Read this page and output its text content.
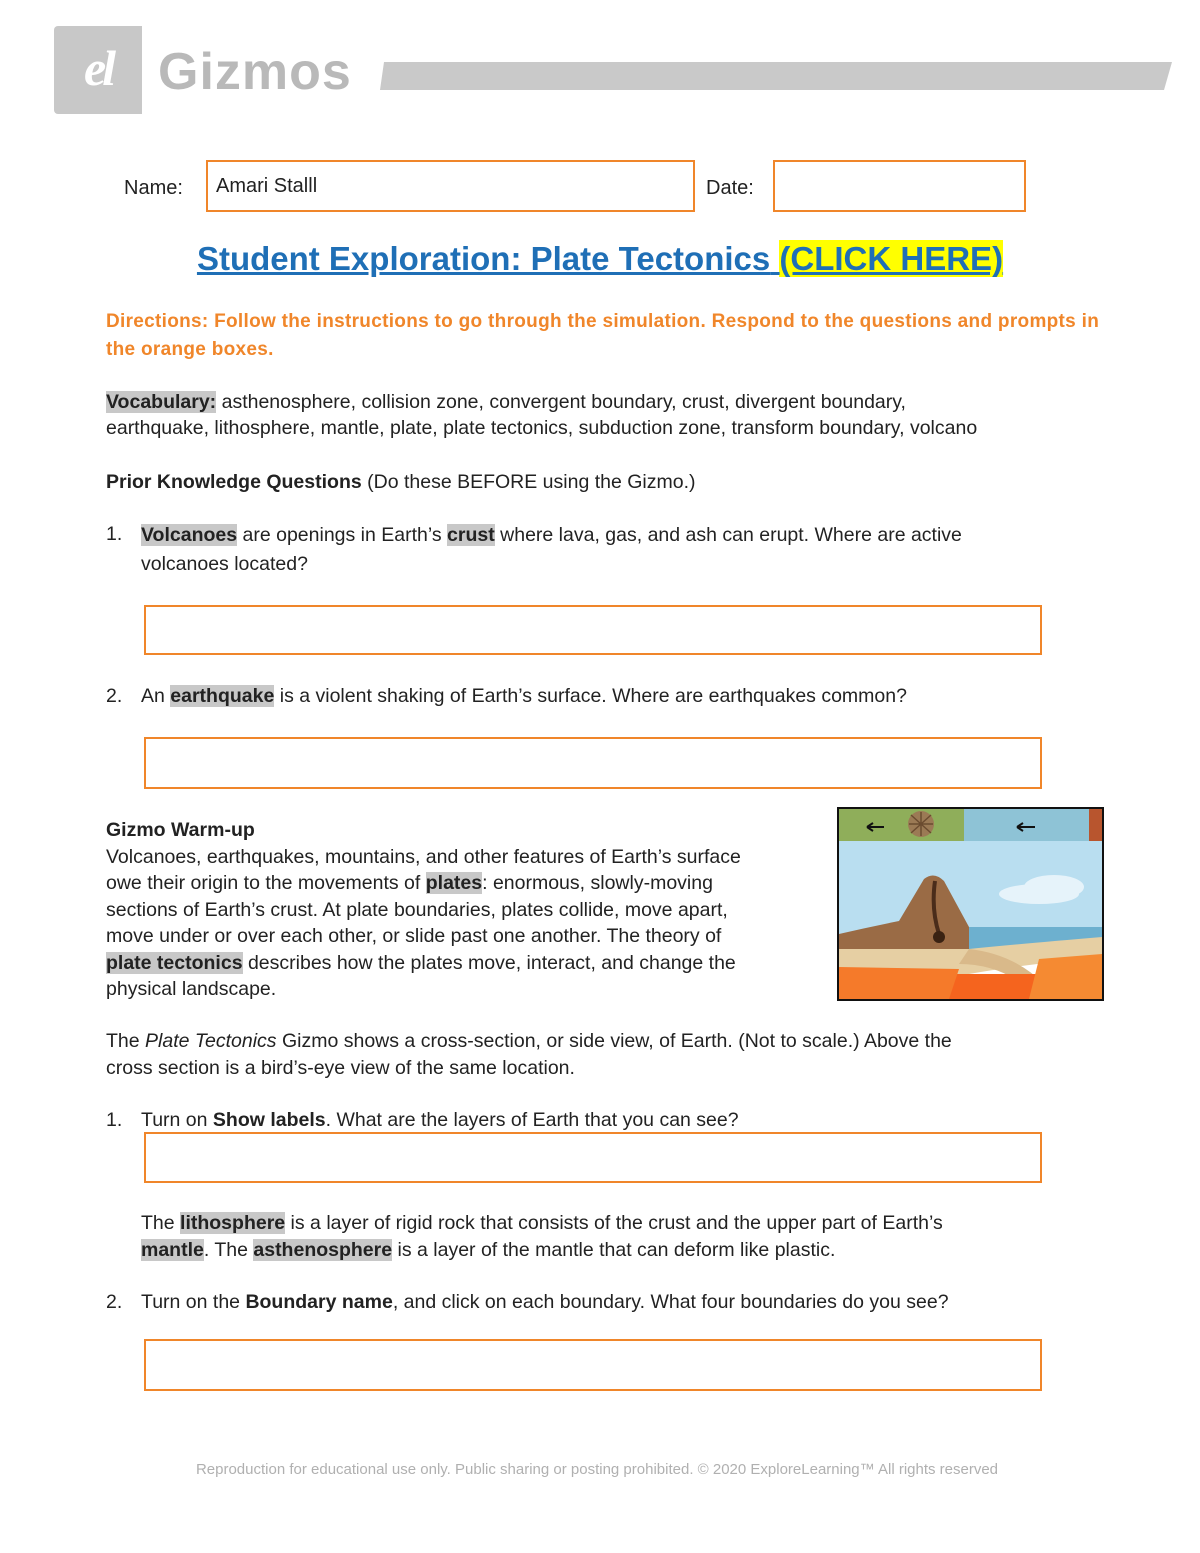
el Gizmos
Name: Amari Stalll	Date:
Student Exploration: Plate Tectonics (CLICK HERE)
Directions: Follow the instructions to go through the simulation. Respond to the questions and prompts in the orange boxes.
Vocabulary: asthenosphere, collision zone, convergent boundary, crust, divergent boundary,
earthquake, lithosphere, mantle, plate, plate tectonics, subduction zone, transform boundary, volcano
Prior Knowledge Questions (Do these BEFORE using the Gizmo.)
1. Volcanoes are openings in Earth’s crust where lava, gas, and ash can erupt. Where are active
volcanoes located?
2. An earthquake is a violent shaking of Earth’s surface. Where are earthquakes common?
Gizmo Warm-up
Volcanoes, earthquakes, mountains, and other features of Earth’s surface
owe their origin to the movements of plates: enormous, slowly-moving
sections of Earth’s crust. At plate boundaries, plates collide, move apart,
move under or over each other, or slide past one another. The theory of
plate tectonics describes how the plates move, interact, and change the
physical landscape.
The Plate Tectonics Gizmo shows a cross-section, or side view, of Earth. (Not to scale.) Above the
cross section is a bird’s-eye view of the same location.
1. Turn on Show labels. What are the layers of Earth that you can see?
The lithosphere is a layer of rigid rock that consists of the crust and the upper part of Earth’s
mantle. The asthenosphere is a layer of the mantle that can deform like plastic.
2. Turn on the Boundary name, and click on each boundary. What four boundaries do you see?
Reproduction for educational use only. Public sharing or posting prohibited. © 2020 ExploreLearning™ All rights reserved
